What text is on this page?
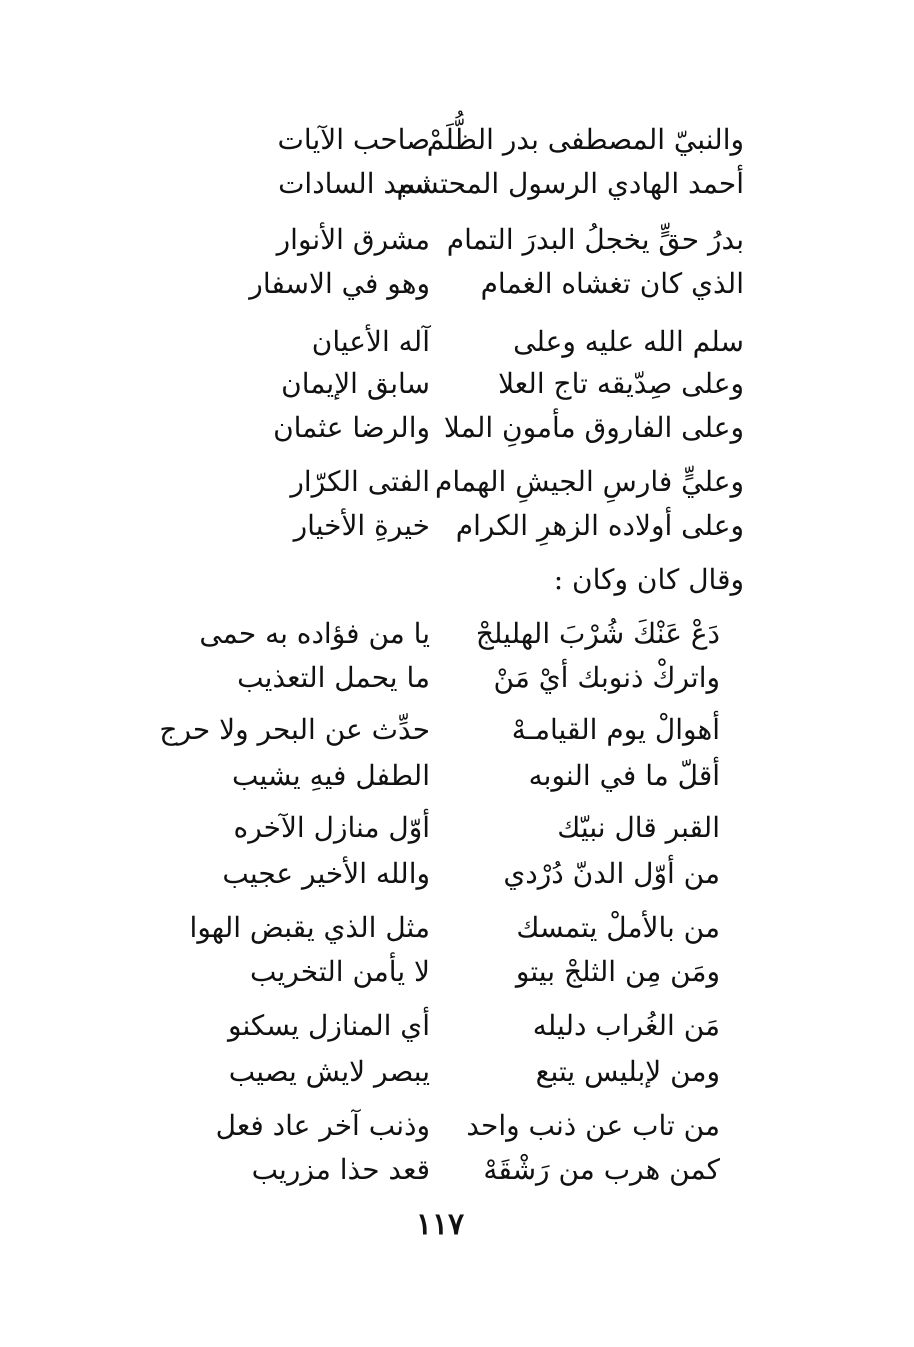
والنبيّ المصطفى بدر الظُّلَمْ
صاحب الآيات
أحمد الهادي الرسول المحتشم
سيد السادات
بدرُ حقٍّ يخجلُ البدرَ التمام
مشرق الأنوار
الذي كان تغشاه الغمام
وهو في الاسفار
سلم الله عليه وعلى
آله الأعيان
وعلى صِدّيقه تاج العلا
سابق الإيمان
وعلى الفاروق مأمونِ الملا
والرضا عثمان
وعليٍّ فارسِ الجيشِ الهمام
الفتى الكرّار
وعلى أولاده الزهرِ الكرام
خيرةِ الأخيار
وقال كان وكان :
دَعْ عَنْكَ شُرْبَ الهليلجْ
يا من فؤاده به حمى
واتركْ ذنوبك أيْ مَنْ
ما يحمل التعذيب
أهوالْ يوم القيامـهْ
حدِّث عن البحر ولا حرج
أقلّ ما في النوبه
الطفل فيهِ يشيب
القبر قال نبيّك
أوّل منازل الآخره
من أوّل الدنّ دُرْدي
والله الأخير عجيب
من بالأملْ يتمسك
مثل الذي يقبض الهوا
ومَن مِن الثلجْ بيتو
لا يأمن التخريب
مَن الغُراب دليله
أي المنازل يسكنو
ومن لإبليس يتبع
يبصر لايش يصيب
من تاب عن ذنب واحد
وذنب آخر عاد فعل
كمن هرب من رَشْقَهْ
قعد حذا مزريب
١١٧
